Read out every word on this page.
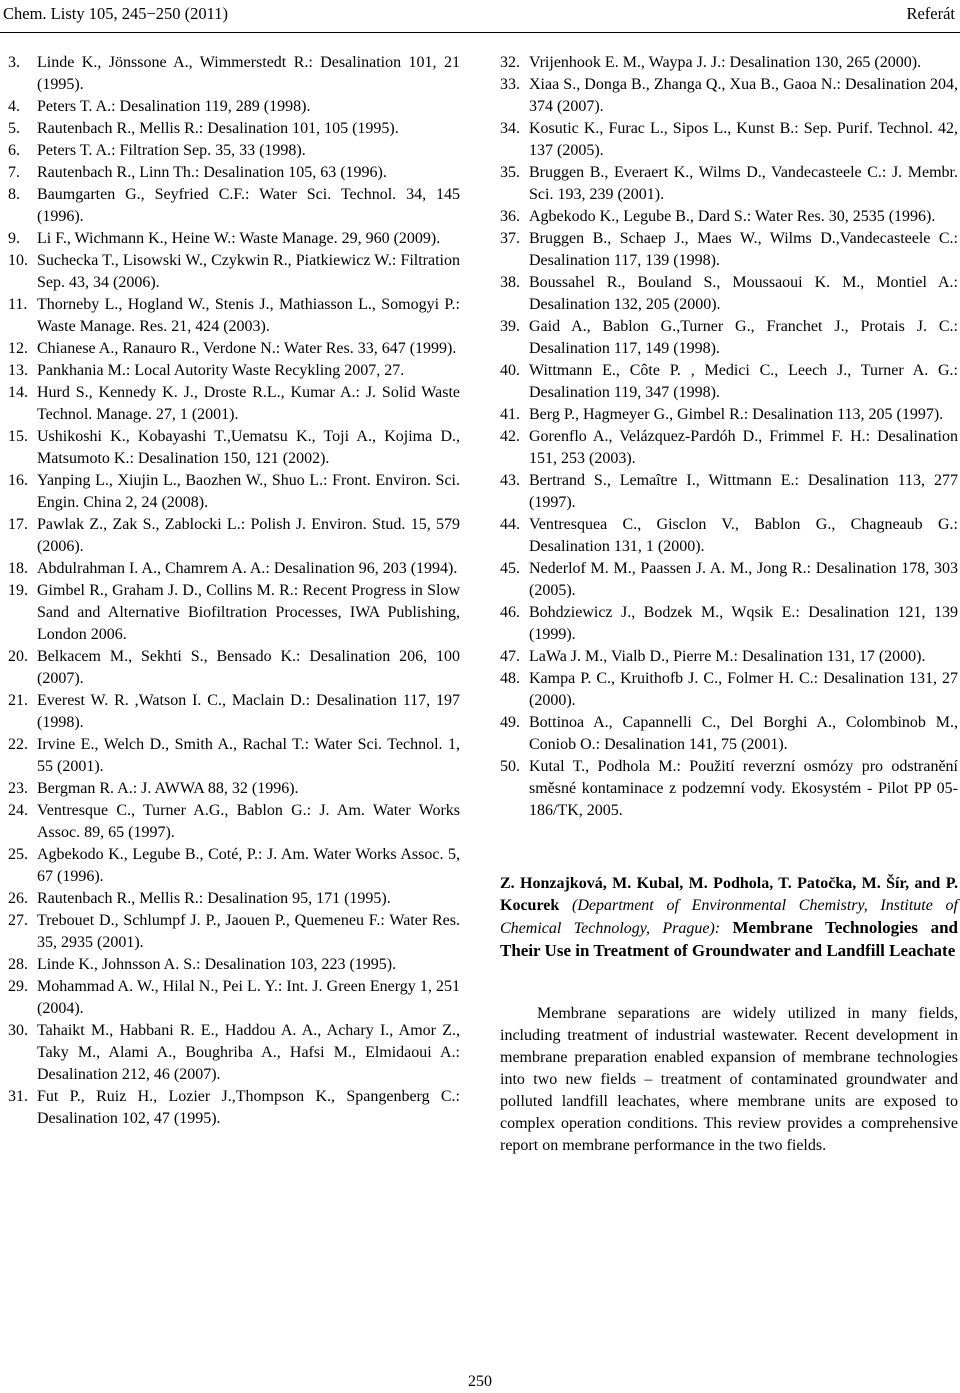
Chem. Listy 105, 245−250 (2011)	Referát
3.	Linde K., Jönssone A., Wimmerstedt R.: Desalination 101, 21 (1995).
4.	Peters T. A.: Desalination 119, 289 (1998).
5.	Rautenbach R., Mellis R.: Desalination 101, 105 (1995).
6.	Peters T. A.: Filtration Sep. 35, 33 (1998).
7.	Rautenbach R., Linn Th.: Desalination 105, 63 (1996).
8.	Baumgarten G., Seyfried C.F.: Water Sci. Technol. 34, 145 (1996).
9.	Li F., Wichmann K., Heine W.: Waste Manage. 29, 960 (2009).
10. Suchecka T., Lisowski W., Czykwin R., Piatkiewicz W.: Filtration Sep. 43, 34 (2006).
11. Thorneby L., Hogland W., Stenis J., Mathiasson L., Somogyi P.: Waste Manage. Res. 21, 424 (2003).
12. Chianese A., Ranauro R., Verdone N.: Water Res. 33, 647 (1999).
13. Pankhania M.: Local Autority Waste Recykling 2007, 27.
14. Hurd S., Kennedy K. J., Droste R.L., Kumar A.: J. Solid Waste Technol. Manage. 27, 1 (2001).
15. Ushikoshi K., Kobayashi T.,Uematsu K., Toji A., Kojima D., Matsumoto K.: Desalination 150, 121 (2002).
16. Yanping L., Xiujin L., Baozhen W., Shuo L.: Front. Environ. Sci. Engin. China 2, 24 (2008).
17. Pawlak Z., Zak S., Zablocki L.: Polish J. Environ. Stud. 15, 579 (2006).
18. Abdulrahman I. A., Chamrem A. A.: Desalination 96, 203 (1994).
19. Gimbel R., Graham J. D., Collins M. R.: Recent Progress in Slow Sand and Alternative Biofiltration Processes, IWA Publishing, London 2006.
20. Belkacem M., Sekhti S., Bensado K.: Desalination 206, 100 (2007).
21. Everest W. R. ,Watson I. C., Maclain D.: Desalination 117, 197 (1998).
22. Irvine E., Welch D., Smith A., Rachal T.: Water Sci. Technol. 1, 55 (2001).
23. Bergman R. A.: J. AWWA 88, 32 (1996).
24. Ventresque C., Turner A.G., Bablon G.: J. Am. Water Works Assoc. 89, 65 (1997).
25. Agbekodo K., Legube B., Coté, P.: J. Am. Water Works Assoc. 5, 67 (1996).
26. Rautenbach R., Mellis R.: Desalination 95, 171 (1995).
27. Trebouet D., Schlumpf J. P., Jaouen P., Quemeneu F.: Water Res. 35, 2935 (2001).
28. Linde K., Johnsson A. S.: Desalination 103, 223 (1995).
29. Mohammad A. W., Hilal N., Pei L. Y.: Int. J. Green Energy 1, 251 (2004).
30. Tahaikt M., Habbani R. E., Haddou A. A., Achary I., Amor Z., Taky M., Alami A., Boughriba A., Hafsi M., Elmidaoui A.: Desalination 212, 46 (2007).
31. Fut P., Ruiz H., Lozier J.,Thompson K., Spangenberg C.: Desalination 102, 47 (1995).
32. Vrijenhook E. M., Waypa J. J.: Desalination 130, 265 (2000).
33. Xiaa S., Donga B., Zhanga Q., Xua B., Gaoa N.: Desalination 204, 374 (2007).
34. Kosutic K., Furac L., Sipos L., Kunst B.: Sep. Purif. Technol. 42, 137 (2005).
35. Bruggen B., Everaert K., Wilms D., Vandecasteele C.: J. Membr. Sci. 193, 239 (2001).
36. Agbekodo K., Legube B., Dard S.: Water Res. 30, 2535 (1996).
37. Bruggen B., Schaep J., Maes W., Wilms D.,Vandecasteele C.: Desalination 117, 139 (1998).
38. Boussahel R., Bouland S., Moussaoui K. M., Montiel A.: Desalination 132, 205 (2000).
39. Gaid A., Bablon G.,Turner G., Franchet J., Protais J. C.: Desalination 117, 149 (1998).
40. Wittmann E., Côte P. , Medici C., Leech J., Turner A. G.: Desalination 119, 347 (1998).
41. Berg P., Hagmeyer G., Gimbel R.: Desalination 113, 205 (1997).
42. Gorenflo A., Velázquez-Pardóh D., Frimmel F. H.: Desalination 151, 253 (2003).
43. Bertrand S., Lemaître I., Wittmann E.: Desalination 113, 277 (1997).
44. Ventresquea C., Gisclon V., Bablon G., Chagneaub G.: Desalination 131, 1 (2000).
45. Nederlof M. M., Paassen J. A. M., Jong R.: Desalination 178, 303 (2005).
46. Bohdziewicz J., Bodzek M., Wqsik E.: Desalination 121, 139 (1999).
47. LaWa J. M., Vialb D., Pierre M.: Desalination 131, 17 (2000).
48. Kampa P. C., Kruithofb J. C., Folmer H. C.: Desalination 131, 27 (2000).
49. Bottinoa A., Capannelli C., Del Borghi A., Colombinob M., Coniob O.: Desalination 141, 75 (2001).
50. Kutal T., Podhola M.: Použití reverzní osmózy pro odstranění směsné kontaminace z podzemní vody. Ekosystém - Pilot PP 05-186/TK, 2005.
Z. Honzajková, M. Kubal, M. Podhola, T. Patočka, M. Šír, and P. Kocurek (Department of Environmental Chemistry, Institute of Chemical Technology, Prague): Membrane Technologies and Their Use in Treatment of Groundwater and Landfill Leachate
Membrane separations are widely utilized in many fields, including treatment of industrial wastewater. Recent development in membrane preparation enabled expansion of membrane technologies into two new fields – treatment of contaminated groundwater and polluted landfill leachates, where membrane units are exposed to complex operation conditions. This review provides a comprehensive report on membrane performance in the two fields.
250
